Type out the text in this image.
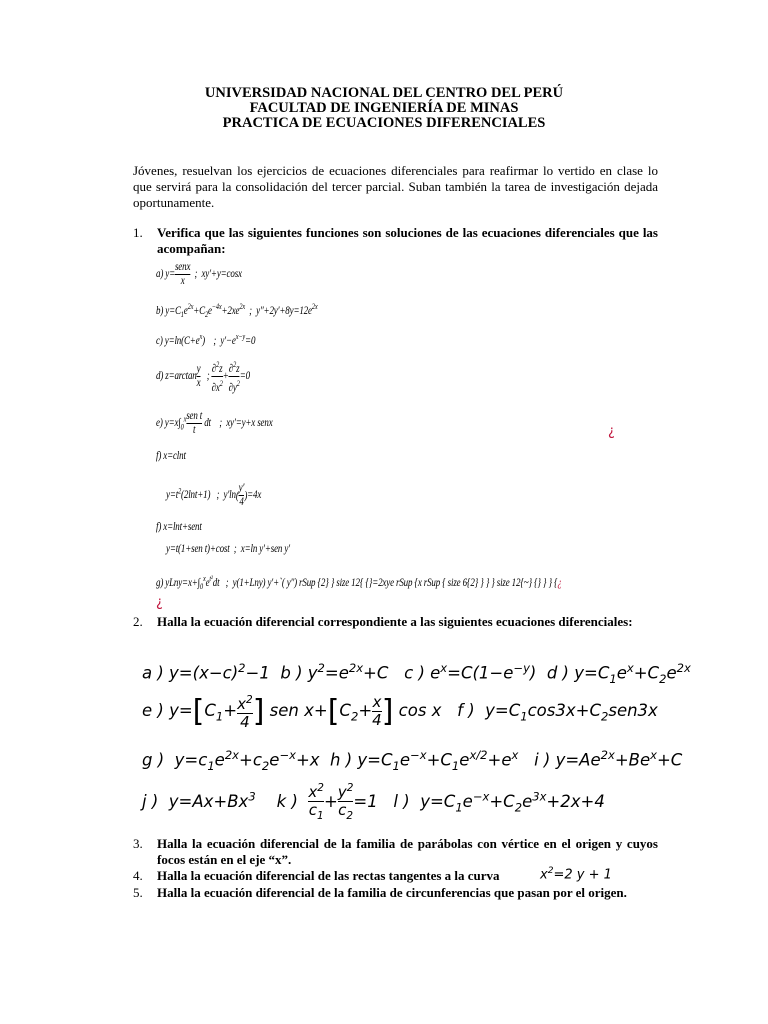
UNIVERSIDAD NACIONAL DEL CENTRO DEL PERÚ
FACULTAD DE INGENIERÍA DE MINAS
PRACTICA DE ECUACIONES DIFERENCIALES
Jóvenes, resuelvan los ejercicios de ecuaciones diferenciales para reafirmar lo vertido en clase lo que servirá para la consolidación del tercer parcial. Suban también la tarea de investigación dejada oportunamente.
1.	Verifica que las siguientes funciones son soluciones de las ecuaciones diferenciales que las acompañan:
a) y=
senx
x
;  xy′+y=cosx
b) $y=C_1e^{2x}+C_2e^{-4x}+2xe^{2x}$  ;  $y''+2y'+8y=12e^{2x}$
c) $y=\ln(C+e^x)$    ;  $y'-e^{x-y}=0$
d) $z=\arctan \frac{y}{x}$ ; $\frac{\partial^2z}{\partial x^2} + \frac{\partial^2z}{\partial y^2} =0$
e) $y=x\int_0^x$ sen t
t
dt    ;  xy′=y+x senx
¿
f) x=clnt
$y=t^2(2\ln t+1)$   ;  $y'\ln( \frac{y'}{4} )=4x$
f) x=lnt+sent
y=t(1+sen t)+cost  ;  x=ln y′+sen y′
g) $yLny=x+\int_0^xe^{t^2}dt$   ;  y(1+Lny) y′+`( y′') rSup {2} } size 12{ {}=2xye rSup {x rSup { size 6{2} } } } size 12{~} {} } } {¿
¿
2.	Halla la ecuación diferencial correspondiente a las siguientes ecuaciones diferenciales:
a ) $y=(x-c)^2-1$  b ) $y^2=e^{2x}+C$   c ) $e^x=C(1-e^{-y})$  d ) $y=C_1e^x+C_2e^{2x}$
e ) $y=[C_1+ \frac{x^2}{4}$ ] sen $x+[C_2+ \frac{x}{4}$ ] cos x   f )  $y=C_1\cos 3x+C_2sen3x$
g )  $y=c_1e^{2x}+c_2e^{-x}+x$  h ) $y=C_1e^{-x}+C_1e^{x/2}+e^x$   i ) $y=Ae^{2x}+Be^x+C$
j )  $y=Ax+Bx^3$    k ) $\frac{x^2}{c_1} + \frac{y^2}{c_2} =1$   l )  $y=C_1e^{-x}+C_2e^{3x}+2x+4$
3.	Halla la ecuación diferencial de la familia de parábolas con vértice en el origen y cuyos focos están en el eje “x”.
4.	Halla la ecuación diferencial de las rectas tangentes a la curva	$x^2=2$ y + 1
5.	Halla la ecuación diferencial de la familia de circunferencias que pasan por el origen.
